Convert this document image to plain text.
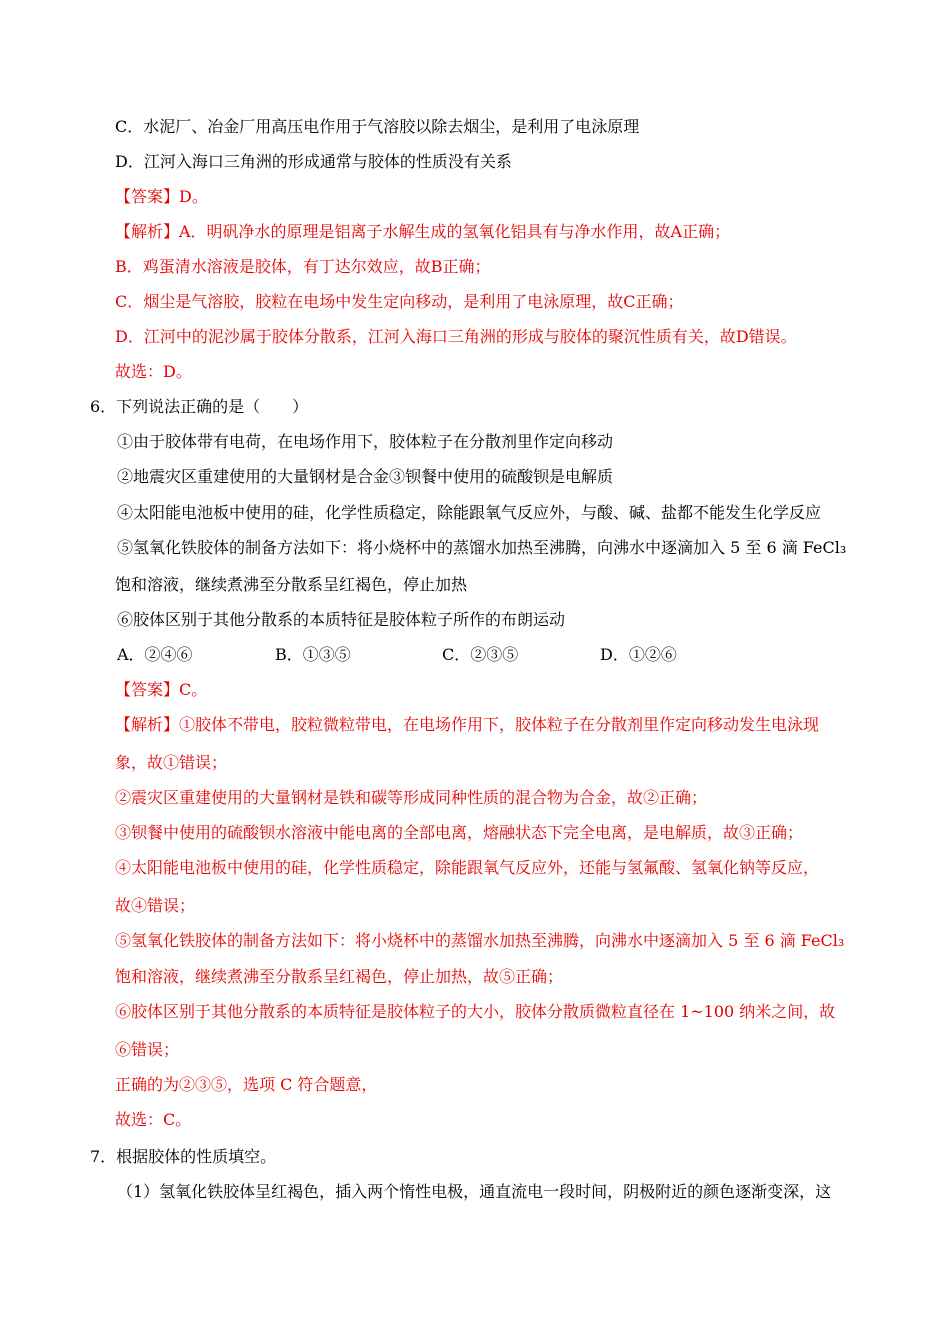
C．水泥厂、冶金厂用高压电作用于气溶胶以除去烟尘，是利用了电泳原理
D．江河入海口三角洲的形成通常与胶体的性质没有关系
【答案】D。
【解析】A．明矾净水的原理是铝离子水解生成的氢氧化铝具有与净水作用，故A正确；
B．鸡蛋清水溶液是胶体，有丁达尔效应，故B正确；
C．烟尘是气溶胶，胶粒在电场中发生定向移动，是利用了电泳原理，故C正确；
D．江河中的泥沙属于胶体分散系，江河入海口三角洲的形成与胶体的聚沉性质有关，故D错误。
故选：D。
6．下列说法正确的是（　　）
①由于胶体带有电荷，在电场作用下，胶体粒子在分散剂里作定向移动
②地震灾区重建使用的大量钢材是合金③钡餐中使用的硫酸钡是电解质
④太阳能电池板中使用的硅，化学性质稳定，除能跟氧气反应外，与酸、碱、盐都不能发生化学反应
⑤氢氧化铁胶体的制备方法如下：将小烧杯中的蒸馏水加热至沸腾，向沸水中逐滴加入 5 至 6 滴 FeCl₃
饱和溶液，继续煮沸至分散系呈红褐色，停止加热
⑥胶体区别于其他分散系的本质特征是胶体粒子所作的布朗运动
A．②④⑥	B．①③⑤	C．②③⑤	D．①②⑥
【答案】C。
【解析】①胶体不带电，胶粒微粒带电，在电场作用下，胶体粒子在分散剂里作定向移动发生电泳现
象，故①错误；
②震灾区重建使用的大量钢材是铁和碳等形成同种性质的混合物为合金，故②正确；
③钡餐中使用的硫酸钡水溶液中能电离的全部电离，熔融状态下完全电离，是电解质，故③正确；
④太阳能电池板中使用的硅，化学性质稳定，除能跟氧气反应外，还能与氢氟酸、氢氧化钠等反应，
故④错误；
⑤氢氧化铁胶体的制备方法如下：将小烧杯中的蒸馏水加热至沸腾，向沸水中逐滴加入 5 至 6 滴 FeCl₃
饱和溶液，继续煮沸至分散系呈红褐色，停止加热，故⑤正确；
⑥胶体区别于其他分散系的本质特征是胶体粒子的大小，胶体分散质微粒直径在 1~100 纳米之间，故
⑥错误；
正确的为②③⑤，选项 C 符合题意，
故选：C。
7．根据胶体的性质填空。
（1）氢氧化铁胶体呈红褐色，插入两个惰性电极，通直流电一段时间，阴极附近的颜色逐渐变深，这
